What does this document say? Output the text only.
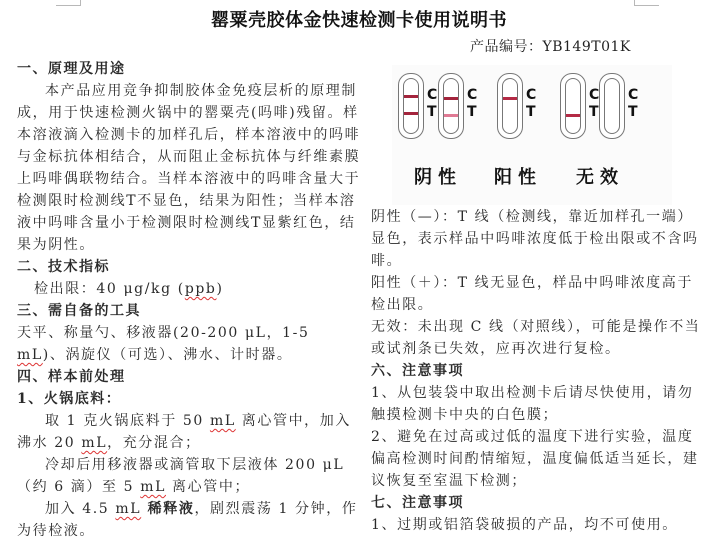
罂粟壳胶体金快速检测卡使用说明书
产品编号：YB149T01K

一、原理及用途

本产品应用竞争抑制胶体金免疫层析的原理制成，用于快速检测火锅中的罂粟壳(吗啡)残留。样本溶液滴入检测卡的加样孔后，样本溶液中的吗啡与金标抗体相结合，从而阻止金标抗体与纤维素膜上吗啡偶联物结合。当样本溶液中的吗啡含量大于检测限时检测线T不显色，结果为阳性；当样本溶液中吗啡含量小于检测限时检测线T显紫红色，结果为阴性。

二、技术指标

检出限：40 μg/kg (ppb)

三、需自备的工具

天平、称量勺、移液器(20-200 μL，1-5 mL)、涡旋仪（可选）、沸水、计时器。

四、样本前处理

1、火锅底料：

取 1 克火锅底料于 50 mL 离心管中，加入沸水 20 mL，充分混合；

冷却后用移液器或滴管取下层液体 200 μL（约 6 滴）至 5 mL 离心管中；

加入 4.5 mL 稀释液，剧烈震荡 1 分钟，作为待检液。

C
T
C
T
C
T
C
T
C
T
阴性 阳性 无效

阴性（—）：T 线（检测线，靠近加样孔一端）显色，表示样品中吗啡浓度低于检出限或不含吗啡。

阳性（＋）：T 线无显色，样品中吗啡浓度高于检出限。

无效：未出现 C 线（对照线），可能是操作不当或试剂条已失效，应再次进行复检。

六、注意事项

1、从包装袋中取出检测卡后请尽快使用，请勿触摸检测卡中央的白色膜；

2、避免在过高或过低的温度下进行实验，温度偏高检测时间酌情缩短，温度偏低适当延长，建议恢复至室温下检测；

七、注意事项

1、过期或铝箔袋破损的产品，均不可使用。
